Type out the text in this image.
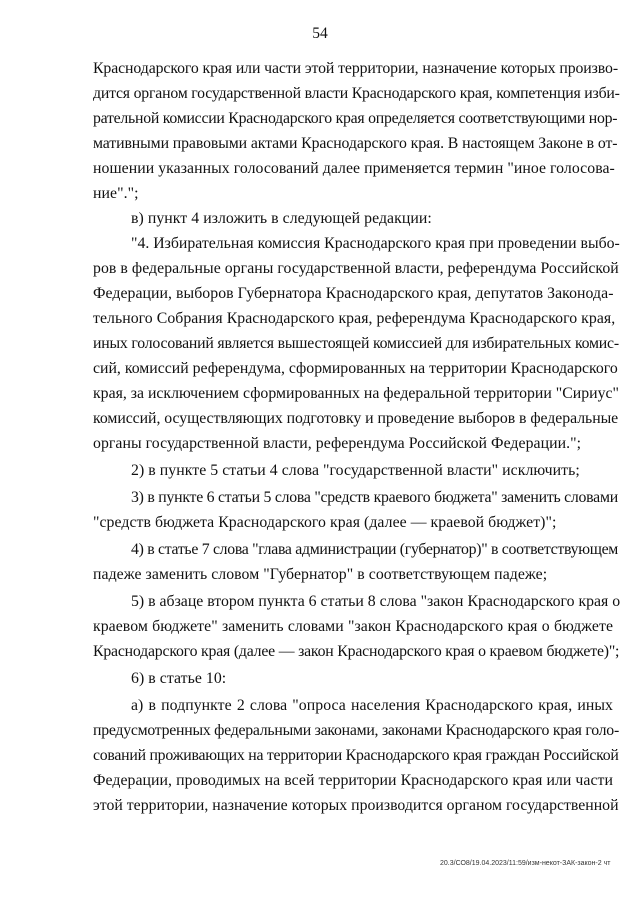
54
Краснодарского края или части этой территории, назначение которых произво-
дится органом государственной власти Краснодарского края, компетенция изби-
рательной комиссии Краснодарского края определяется соответствующими нор-
мативными правовыми актами Краснодарского края. В настоящем Законе в от-
ношении указанных голосований далее применяется термин "иное голосова-
ние".";
в) пункт 4 изложить в следующей редакции:
"4. Избирательная комиссия Краснодарского края при проведении выбо-
ров в федеральные органы государственной власти, референдума Российской
Федерации, выборов Губернатора Краснодарского края, депутатов Законода-
тельного Собрания Краснодарского края, референдума Краснодарского края,
иных голосований является вышестоящей комиссией для избирательных комис-
сий, комиссий референдума, сформированных на территории Краснодарского
края, за исключением сформированных на федеральной территории "Сириус"
комиссий, осуществляющих подготовку и проведение выборов в федеральные
органы государственной власти, референдума Российской Федерации.";
2) в пункте 5 статьи 4 слова "государственной власти" исключить;
3) в пункте 6 статьи 5 слова "средств краевого бюджета" заменить словами
"средств бюджета Краснодарского края (далее — краевой бюджет)";
4) в статье 7 слова "глава администрации (губернатор)" в соответствующем
падеже заменить словом "Губернатор" в соответствующем падеже;
5) в абзаце втором пункта 6 статьи 8 слова "закон Краснодарского края о
краевом бюджете" заменить словами "закон Краснодарского края о бюджете
Краснодарского края (далее — закон Краснодарского края о краевом бюджете)";
6) в статье 10:
а) в подпункте 2 слова "опроса населения Краснодарского края, иных
предусмотренных федеральными законами, законами Краснодарского края голо-
сований проживающих на территории Краснодарского края граждан Российской
Федерации, проводимых на всей территории Краснодарского края или части
этой территории, назначение которых производится органом государственной
20.3/СО8/19.04.2023/11:59/изм-некот-ЗАК-закон-2 чт
